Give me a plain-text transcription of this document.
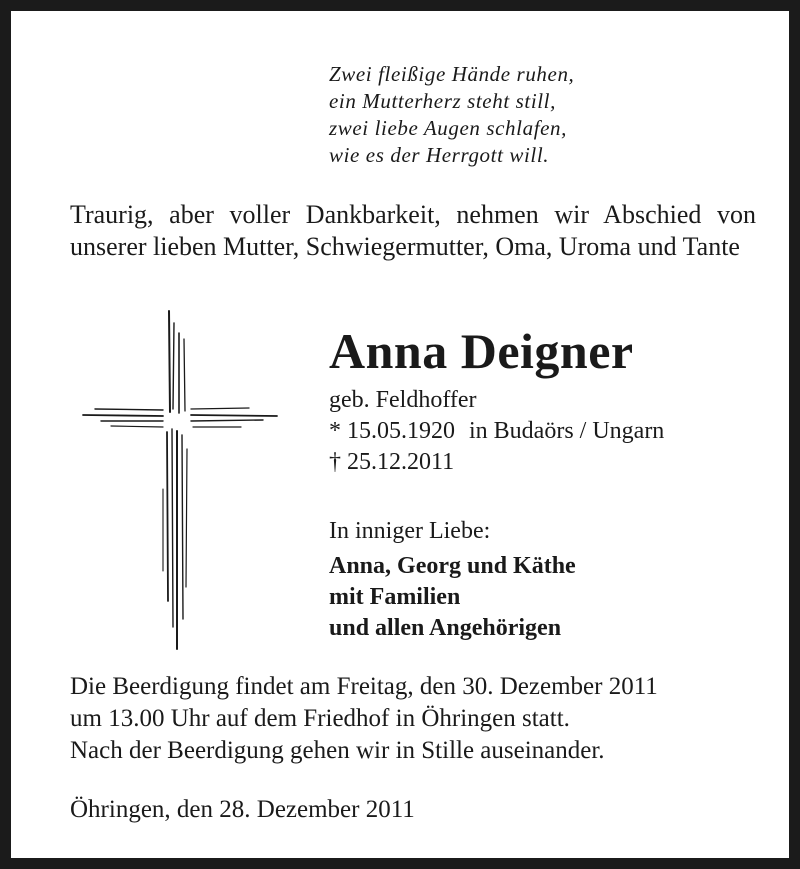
Zwei fleißige Hände ruhen,
ein Mutterherz steht still,
zwei liebe Augen schlafen,
wie es der Herrgott will.

Traurig, aber voller Dankbarkeit, nehmen wir Abschied von unserer lieben Mutter, Schwiegermutter, Oma, Uroma und Tante

Anna Deigner
geb. Feldhoffer
* 15.05.1920 in Budaörs / Ungarn
† 25.12.2011
In inniger Liebe:
Anna, Georg und Käthe
mit Familien
und allen Angehörigen
Die Beerdigung findet am Freitag, den 30. Dezember 2011
um 13.00 Uhr auf dem Friedhof in Öhringen statt.
Nach der Beerdigung gehen wir in Stille auseinander.
Öhringen, den 28. Dezember 2011
